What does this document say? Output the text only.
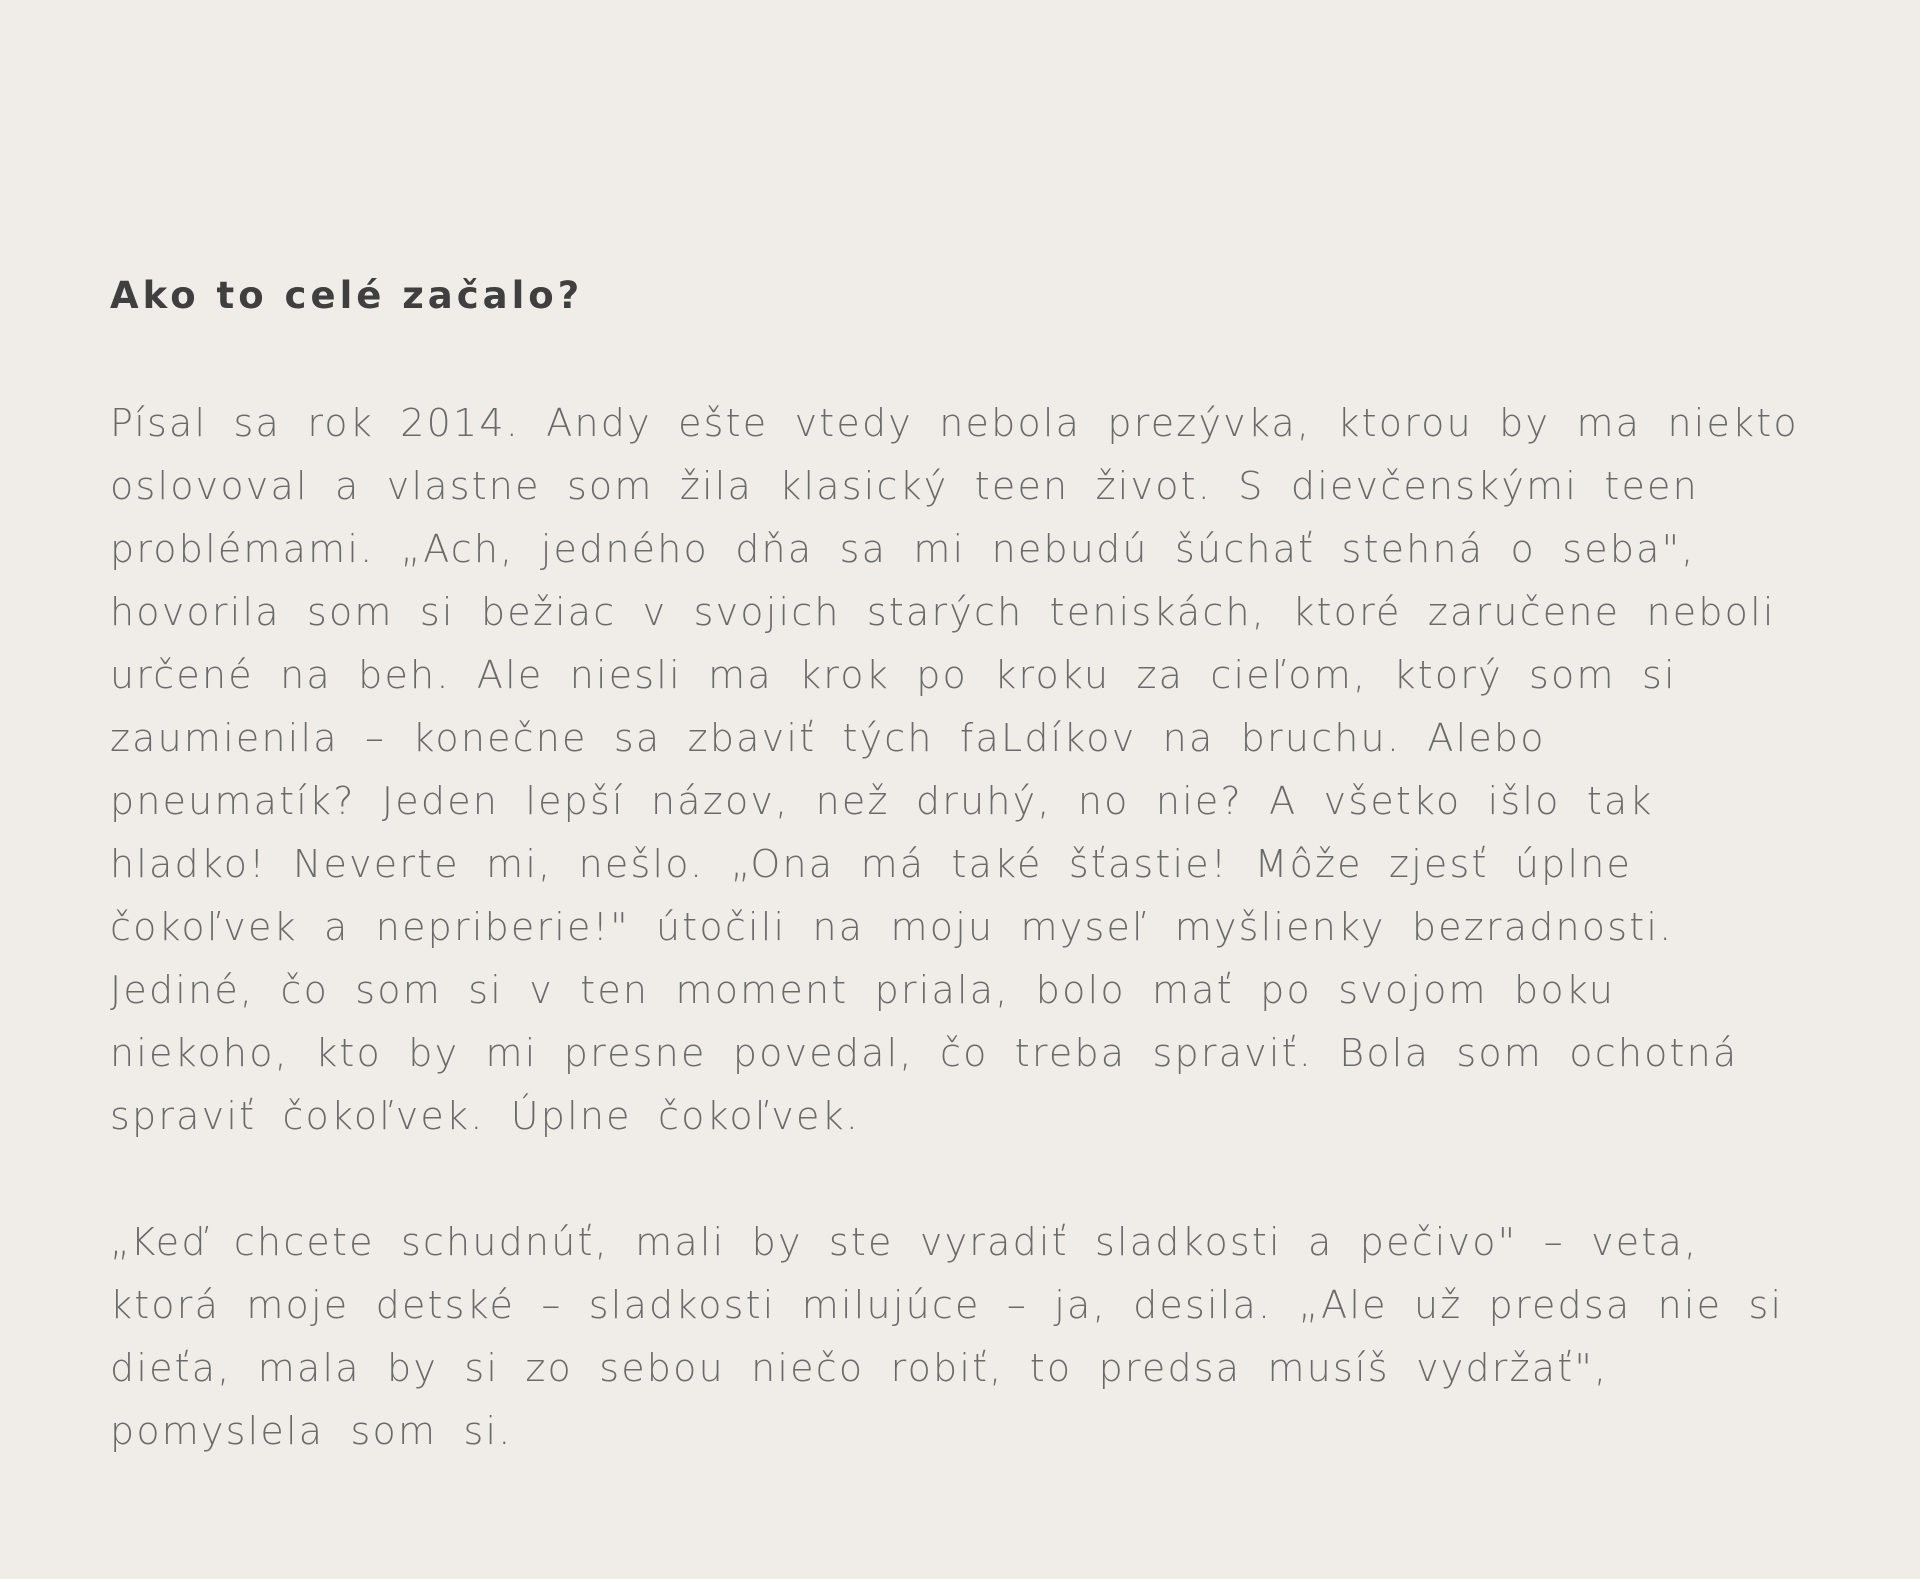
Ako to celé začalo?

Písal sa rok 2014. Andy ešte vtedy nebola prezývka, ktorou by ma niekto oslovoval a vlastne som žila klasický teen život. S dievčenskými teen problémami. „Ach, jedného dňa sa mi nebudú šúchať stehná o seba", hovorila som si bežiac v svojich starých teniskách, ktoré zaručene neboli určené na beh. Ale niesli ma krok po kroku za cieľom, ktorý som si zaumienila – konečne sa zbaviť tých faLdíkov na bruchu. Alebo pneumatík? Jeden lepší názov, než druhý, no nie? A všetko išlo tak hladko! Neverte mi, nešlo. „Ona má také šťastie! Môže zjesť úplne čokoľvek a nepriberie!" útočili na moju myseľ myšlienky bezradnosti. Jediné, čo som si v ten moment priala, bolo mať po svojom boku niekoho, kto by mi presne povedal, čo treba spraviť. Bola som ochotná spraviť čokoľvek. Úplne čokoľvek.

„Keď chcete schudnúť, mali by ste vyradiť sladkosti a pečivo" – veta, ktorá moje detské – sladkosti milujúce – ja, desila. „Ale už predsa nie si dieťa, mala by si zo sebou niečo robiť, to predsa musíš vydržať", pomyslela som si.
